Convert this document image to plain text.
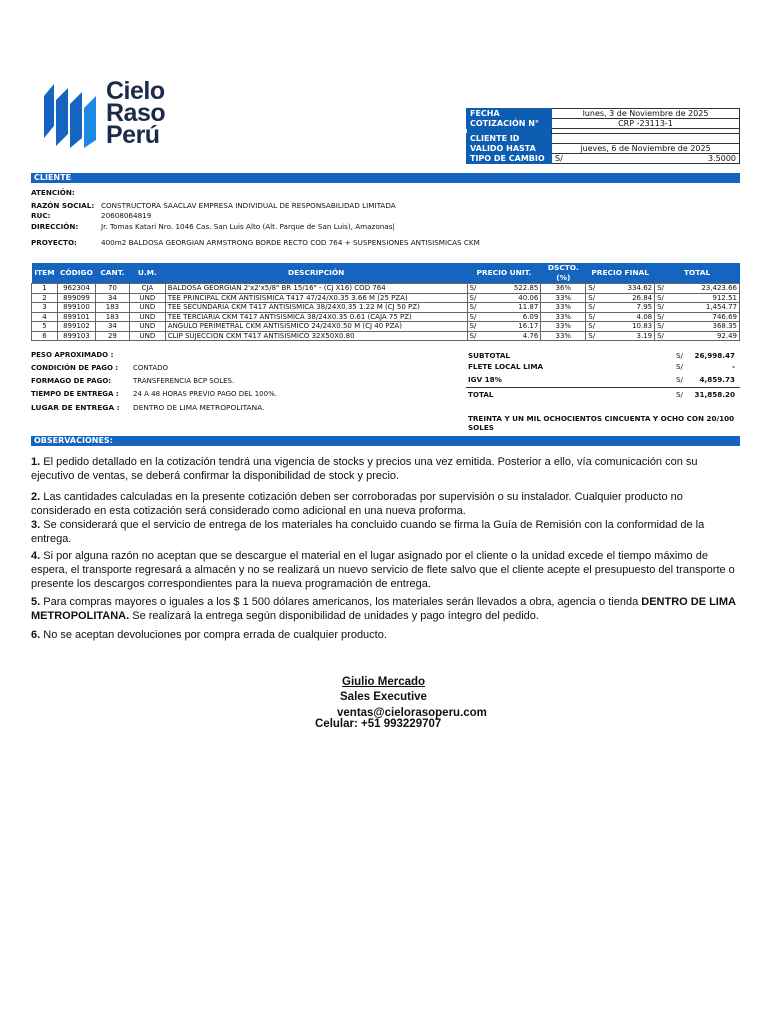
Cielo
Raso
Perú
FECHA	lunes, 3 de Noviembre de 2025	
COTIZACIÓN N°	CRP -23113-1	

CLIENTE ID		
VALIDO HASTA	jueves, 6 de Noviembre de 2025	
TIPO DE CAMBIO	S/	3.5000
CLIENTE
ATENCIÓN:
RAZÓN SOCIAL: CONSTRUCTORA SAACLAV EMPRESA INDIVIDUAL DE RESPONSABILIDAD LIMITADA
RUC:	20608064819
DIRECCIÓN:	Jr. Tomas Katari Nro. 1046 Cas. San Luis Alto (Alt. Parque de San Luis), Amazonas|
PROYECTO:	400m2 BALDOSA GEORGIAN ARMSTRONG BORDE RECTO COD 764 + SUSPENSIONES ANTISISMICAS CKM
ITEM	CÓDIGO	CANT.	U.M.	DESCRIPCIÓN	PRECIO UNIT.		DSCTO. (%)	PRECIO FINAL		TOTAL	
1	962304	70	CJA	BALDOSA GEORGIAN 2'x2'x5/8" BR 15/16" - (CJ X16) COD 764	S/	522.85	36%	S/	334.62	S/	23,423.66
2	899099	34	UND	TEE PRINCIPAL CKM ANTISISMICA T417 47/24/X0.35 3.66 M (25 PZA)	S/	40.06	33%	S/	26.84	S/	912.51
3	899100	183	UND	TEE SECUNDARIA CKM T417 ANTISISMICA 38/24X0.35 1.22 M (CJ 50 PZ)	S/	11.87	33%	S/	7.95	S/	1,454.77
4	899101	183	UND	TEE TERCIARIA CKM T417 ANTISISMICA 38/24X0.35 0.61 (CAJA 75 PZ)	S/	6.09	33%	S/	4.08	S/	746.69
5	899102	34	UND	ANGULO PERIMETRAL CKM ANTISISMICO 24/24X0.50 M (CJ 40 PZA)	S/	16.17	33%	S/	10.83	S/	368.35
6	899103	29	UND	CLIP SUJECCION CKM T417 ANTISISMICO 32X50X0.80	S/	4.76	33%	S/	3.19	S/	92.49
PESO APROXIMADO :
CONDICIÓN DE PAGO : CONTADO
FORMAGO DE PAGO:	TRANSFERENCIA BCP SOLES.
TIEMPO DE ENTREGA : 24 A 48 HORAS PREVIO PAGO DEL 100%.
LUGAR DE ENTREGA : DENTRO DE LIMA METROPOLITANA.
SUBTOTAL	S/ 26,998.47
FLETE LOCAL LIMA	S/	-
IGV 18%	S/ 4,859.73
TOTAL	S/ 31,858.20
TREINTA Y UN MIL OCHOCIENTOS CINCUENTA Y OCHO CON 20/100
SOLES
OBSERVACIONES:
1. El pedido detallado en la cotización tendrá una vigencia de stocks y precios una vez emitida. Posterior a ello, vía comunicación con su ejecutivo de ventas, se deberá confirmar la disponibilidad de stock y precio.
2. Las cantidades calculadas en la presente cotización deben ser corroboradas por supervisión o su instalador. Cualquier producto no considerado en esta cotización será considerado como adicional en una nueva proforma.
3. Se considerará que el servicio de entrega de los materiales ha concluido cuando se firma la Guía de Remisión con la conformidad de la entrega.
4. Si por alguna razón no aceptan que se descargue el material en el lugar asignado por el cliente o la unidad excede el tiempo máximo de espera, el transporte regresará a almacén y no se realizará un nuevo servicio de flete salvo que el cliente acepte el presupuesto del transporte o presente los descargos correspondientes para la nueva programación de entrega.
5. Para compras mayores o iguales a los $ 1 500 dólares americanos, los materiales serán llevados a obra, agencia o tienda DENTRO DE LIMA METROPOLITANA. Se realizará la entrega según disponibilidad de unidades y pago íntegro del pedido.
6. No se aceptan devoluciones por compra errada de cualquier producto.
Giulio Mercado
Sales Executive
ventas@cielorasoperu.com
Celular: +51 993229707
